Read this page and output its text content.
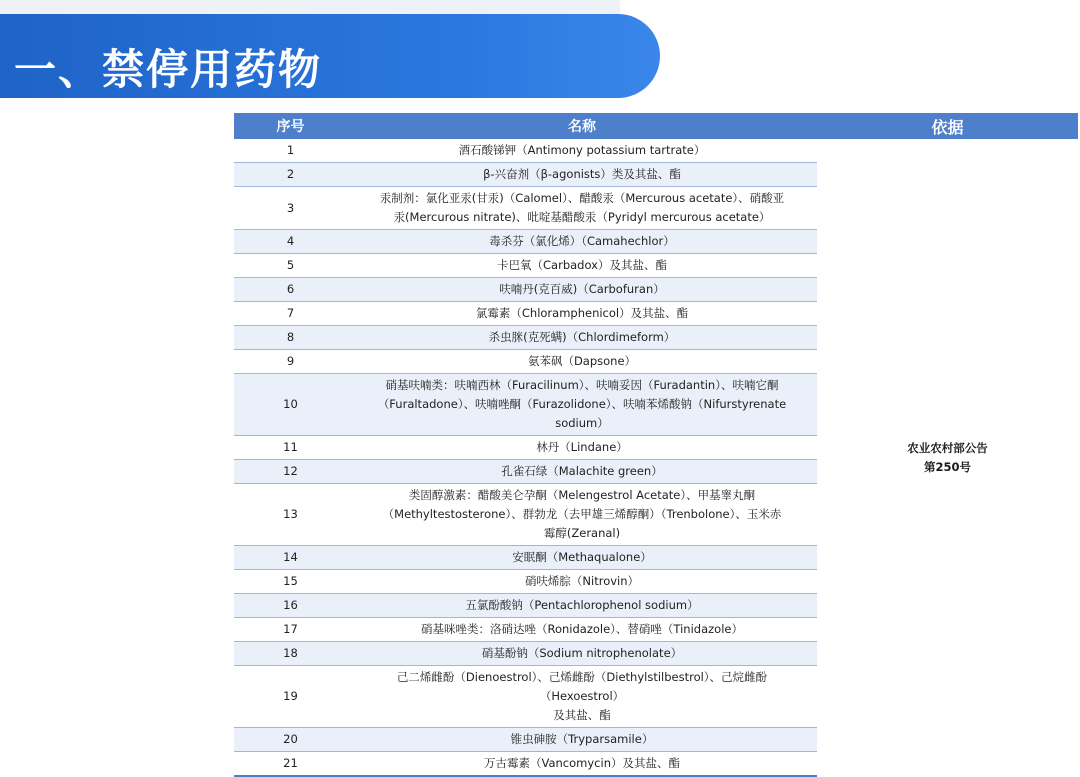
一、禁停用药物
序号	名称	依据
1	酒石酸锑钾（Antimony potassium tartrate）	农业农村部公告
第250号

2	β-兴奋剂（β-agonists）类及其盐、酯	

3	汞制剂：氯化亚汞(甘汞)（Calomel）、醋酸汞（Mercurous acetate）、硝酸亚
汞(Mercurous nitrate)、吡啶基醋酸汞（Pyridyl mercurous acetate）	

4	毒杀芬（氯化烯）（Camahechlor）	

5	卡巴氧（Carbadox）及其盐、酯	

6	呋喃丹(克百威)（Carbofuran）	

7	氯霉素（Chloramphenicol）及其盐、酯	

8	杀虫脒(克死螨)（Chlordimeform）	

9	氨苯砜（Dapsone）	

10	硝基呋喃类：呋喃西林（Furacilinum）、呋喃妥因（Furadantin）、呋喃它酮
（Furaltadone）、呋喃唑酮（Furazolidone）、呋喃苯烯酸钠（Nifurstyrenate
sodium）	

11	林丹（Lindane）	

12	孔雀石绿（Malachite green）	

13	类固醇激素：醋酸美仑孕酮（Melengestrol Acetate）、甲基睾丸酮
（Methyltestosterone）、群勃龙（去甲雄三烯醇酮）（Trenbolone）、玉米赤
霉醇(Zeranal)	

14	安眠酮（Methaqualone）	

15	硝呋烯腙（Nitrovin）	

16	五氯酚酸钠（Pentachlorophenol sodium）	

17	硝基咪唑类：洛硝达唑（Ronidazole）、替硝唑（Tinidazole）	

18	硝基酚钠（Sodium nitrophenolate）	

19	己二烯雌酚（Dienoestrol）、己烯雌酚（Diethylstilbestrol）、己烷雌酚
（Hexoestrol）
及其盐、酯	

20	锥虫砷胺（Tryparsamile）	

21	万古霉素（Vancomycin）及其盐、酯	
